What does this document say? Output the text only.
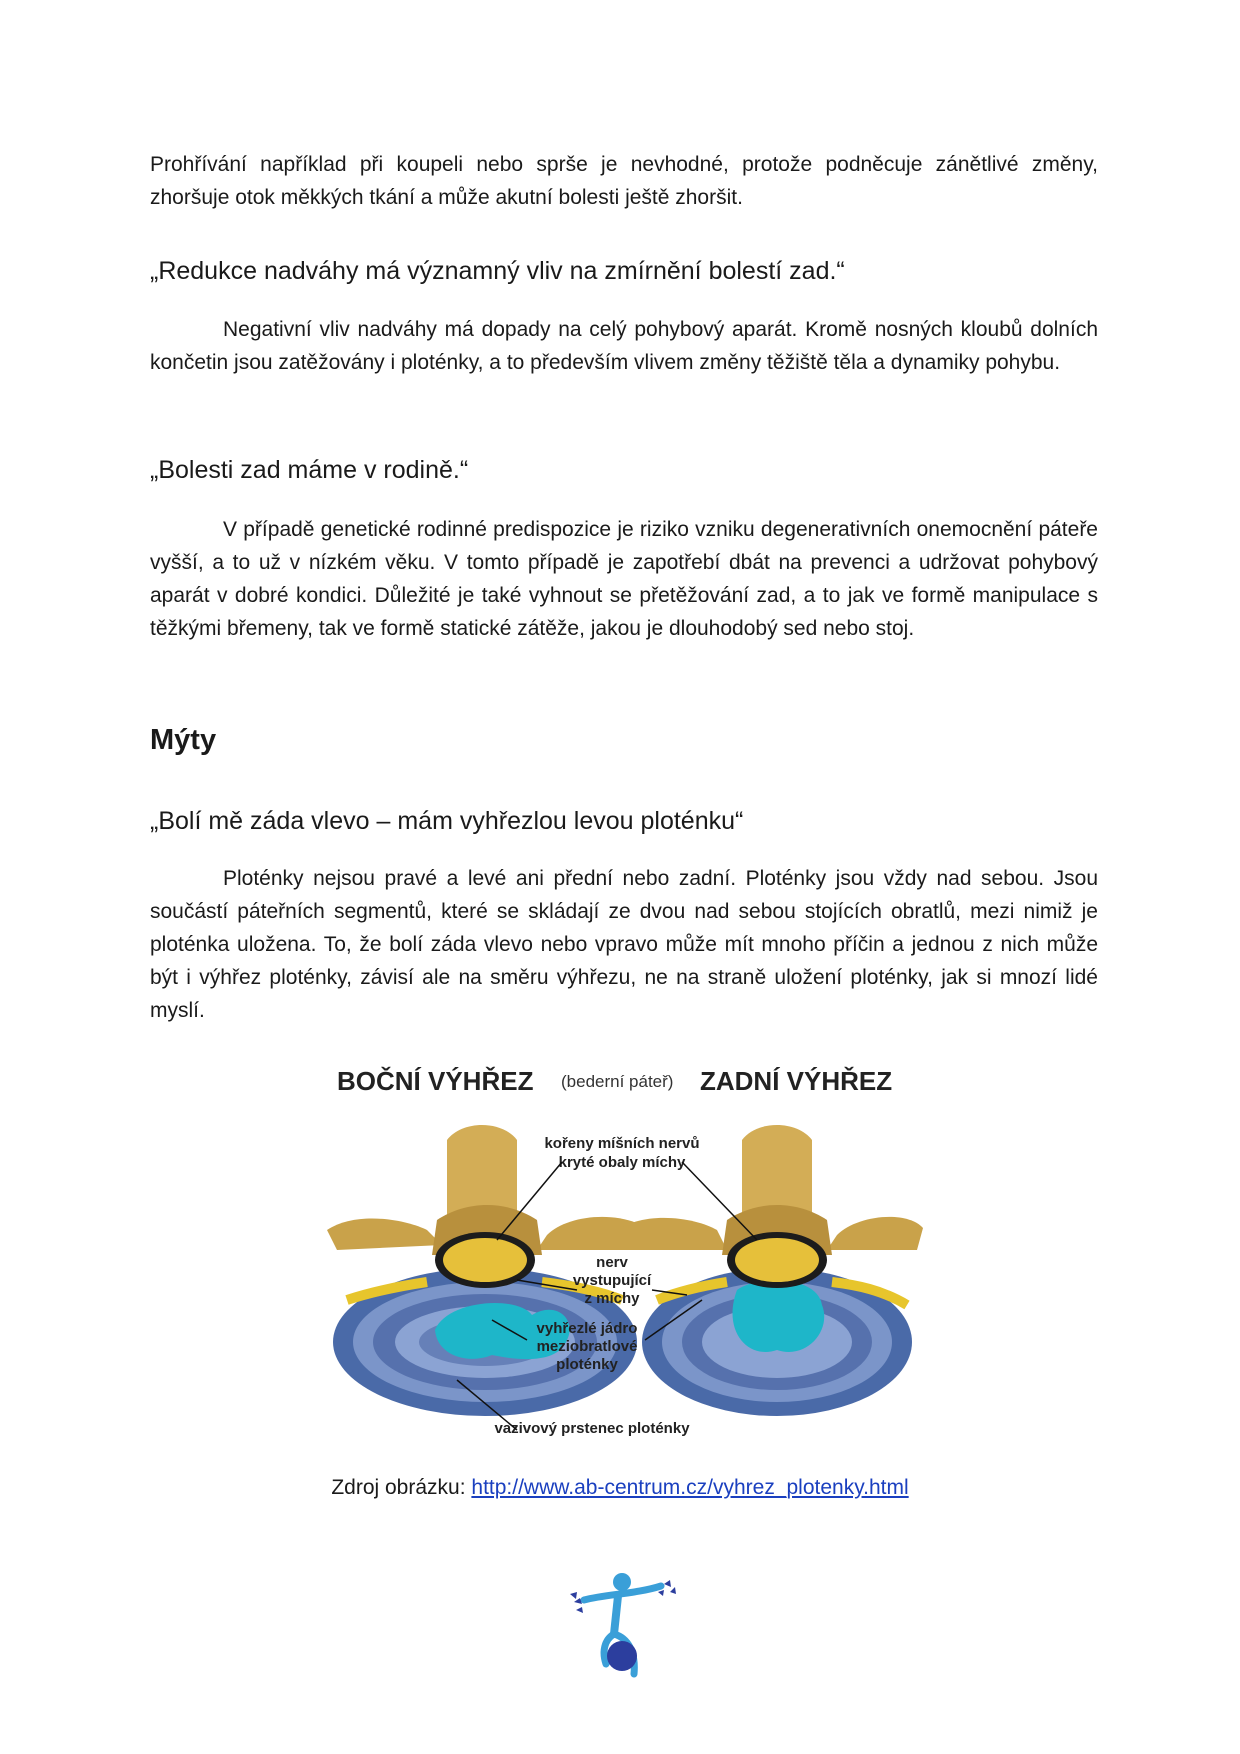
Prohřívání například při koupeli nebo sprše je nevhodné, protože podněcuje zánětlivé změny, zhoršuje otok měkkých tkání a může akutní bolesti ještě zhoršit.

„Redukce nadváhy má významný vliv na zmírnění bolestí zad.“

Negativní vliv nadváhy má dopady na celý pohybový aparát. Kromě nosných kloubů dolních končetin jsou zatěžovány i ploténky, a to především vlivem změny těžiště těla a dynamiky pohybu.

„Bolesti zad máme v rodině.“

V případě genetické rodinné predispozice je riziko vzniku degenerativních onemocnění páteře vyšší, a to už v nízkém věku. V tomto případě je zapotřebí dbát na prevenci a udržovat pohybový aparát v dobré kondici. Důležité je také vyhnout se přetěžování zad, a to jak ve formě manipulace s těžkými břemeny, tak ve formě statické zátěže, jakou je dlouhodobý sed nebo stoj.

Mýty
„Bolí mě záda vlevo – mám vyhřezlou levou ploténku“

Ploténky nejsou pravé a levé ani přední nebo zadní. Ploténky jsou vždy nad sebou. Jsou součástí páteřních segmentů, které se skládají ze dvou nad sebou stojících obratlů, mezi nimiž je ploténka uložena. To, že bolí záda vlevo nebo vpravo může mít mnoho příčin a jednou z nich může být i výhřez ploténky, závisí ale na směru výhřezu, ne na straně uložení ploténky, jak si mnozí lidé myslí.

BOČNÍ VÝHŘEZ (bederní páteř) ZADNÍ VÝHŘEZ
kořeny míšních nervů
kryté obaly míchy
nerv
vystupující
z míchy
vyhřezlé jádro
meziobratlové
ploténky
vazivový prstenec ploténky
Zdroj obrázku: http://www.ab-centrum.cz/vyhrez_plotenky.html
